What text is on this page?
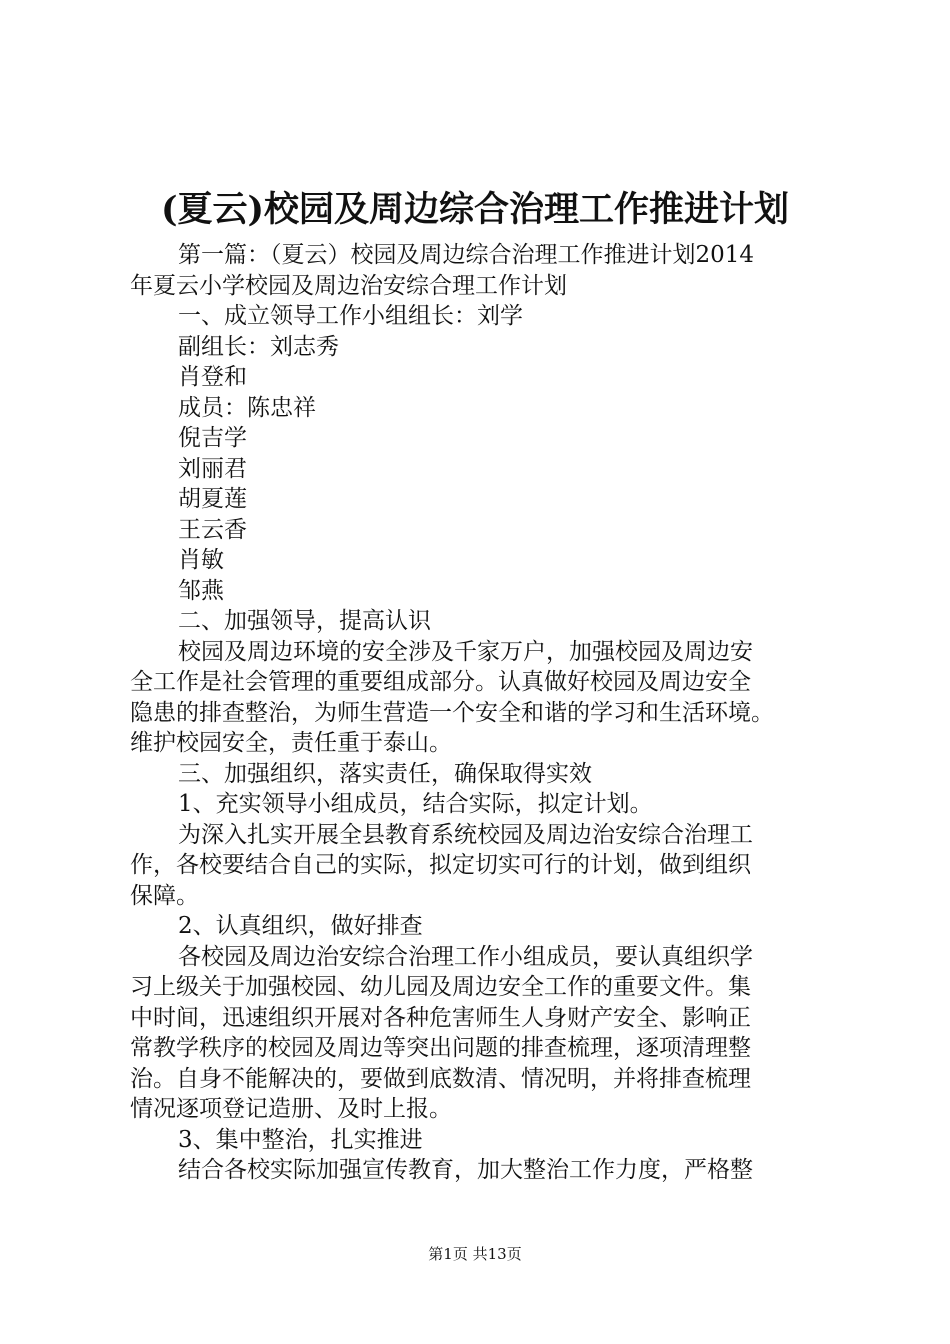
(夏云)校园及周边综合治理工作推进计划
第一篇：（夏云）校园及周边综合治理工作推进计划2014
年夏云小学校园及周边治安综合理工作计划
一、成立领导工作小组组长：刘学
副组长：刘志秀
肖登和
成员：陈忠祥
倪吉学
刘丽君
胡夏莲
王云香
肖敏
邹燕
二、加强领导，提高认识
校园及周边环境的安全涉及千家万户，加强校园及周边安
全工作是社会管理的重要组成部分。认真做好校园及周边安全
隐患的排查整治，为师生营造一个安全和谐的学习和生活环境。
维护校园安全，责任重于泰山。
三、加强组织，落实责任，确保取得实效
1、充实领导小组成员，结合实际，拟定计划。
为深入扎实开展全县教育系统校园及周边治安综合治理工
作，各校要结合自己的实际，拟定切实可行的计划，做到组织
保障。
2、认真组织，做好排查
各校园及周边治安综合治理工作小组成员，要认真组织学
习上级关于加强校园、幼儿园及周边安全工作的重要文件。集
中时间，迅速组织开展对各种危害师生人身财产安全、影响正
常教学秩序的校园及周边等突出问题的排查梳理，逐项清理整
治。自身不能解决的，要做到底数清、情况明，并将排查梳理
情况逐项登记造册、及时上报。
3、集中整治，扎实推进
结合各校实际加强宣传教育，加大整治工作力度，严格整
第1页 共13页
